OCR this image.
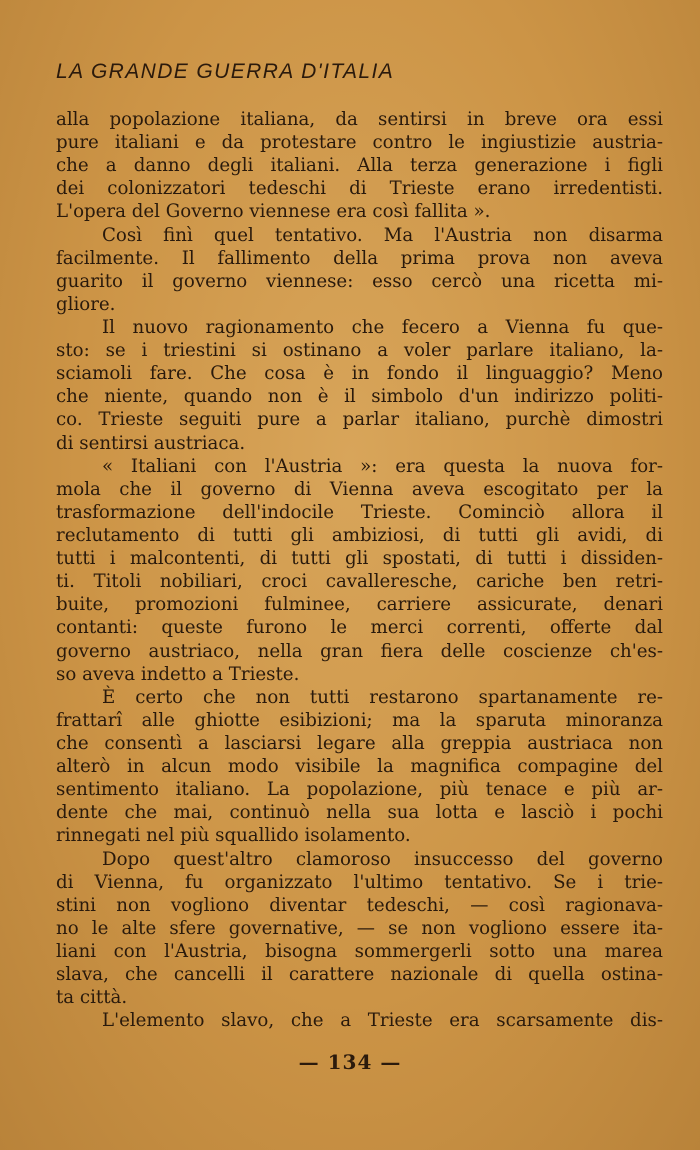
LA GRANDE GUERRA D'ITALIA
alla popolazione italiana, da sentirsi in breve ora essi
pure italiani e da protestare contro le ingiustizie austria-
che a danno degli italiani. Alla terza generazione i figli
dei colonizzatori tedeschi di Trieste erano irredentisti.
L'opera del Governo viennese era così fallita ».
Così finì quel tentativo. Ma l'Austria non disarma
facilmente. Il fallimento della prima prova non aveva
guarito il governo viennese: esso cercò una ricetta mi-
gliore.
Il nuovo ragionamento che fecero a Vienna fu que-
sto: se i triestini si ostinano a voler parlare italiano, la-
sciamoli fare. Che cosa è in fondo il linguaggio? Meno
che niente, quando non è il simbolo d'un indirizzo politi-
co. Trieste seguiti pure a parlar italiano, purchè dimostri
di sentirsi austriaca.
« Italiani con l'Austria »: era questa la nuova for-
mola che il governo di Vienna aveva escogitato per la
trasformazione dell'indocile Trieste. Cominciò allora il
reclutamento di tutti gli ambiziosi, di tutti gli avidi, di
tutti i malcontenti, di tutti gli spostati, di tutti i dissiden-
ti. Titoli nobiliari, croci cavalleresche, cariche ben retri-
buite, promozioni fulminee, carriere assicurate, denari
contanti: queste furono le merci correnti, offerte dal
governo austriaco, nella gran fiera delle coscienze ch'es-
so aveva indetto a Trieste.
È certo che non tutti restarono spartanamente re-
frattarî alle ghiotte esibizioni; ma la sparuta minoranza
che consentì a lasciarsi legare alla greppia austriaca non
alterò in alcun modo visibile la magnifica compagine del
sentimento italiano. La popolazione, più tenace e più ar-
dente che mai, continuò nella sua lotta e lasciò i pochi
rinnegati nel più squallido isolamento.
Dopo quest'altro clamoroso insuccesso del governo
di Vienna, fu organizzato l'ultimo tentativo. Se i trie-
stini non vogliono diventar tedeschi, — così ragionava-
no le alte sfere governative, — se non vogliono essere ita-
liani con l'Austria, bisogna sommergerli sotto una marea
slava, che cancelli il carattere nazionale di quella ostina-
ta città.
L'elemento slavo, che a Trieste era scarsamente dis-
— 134 —
